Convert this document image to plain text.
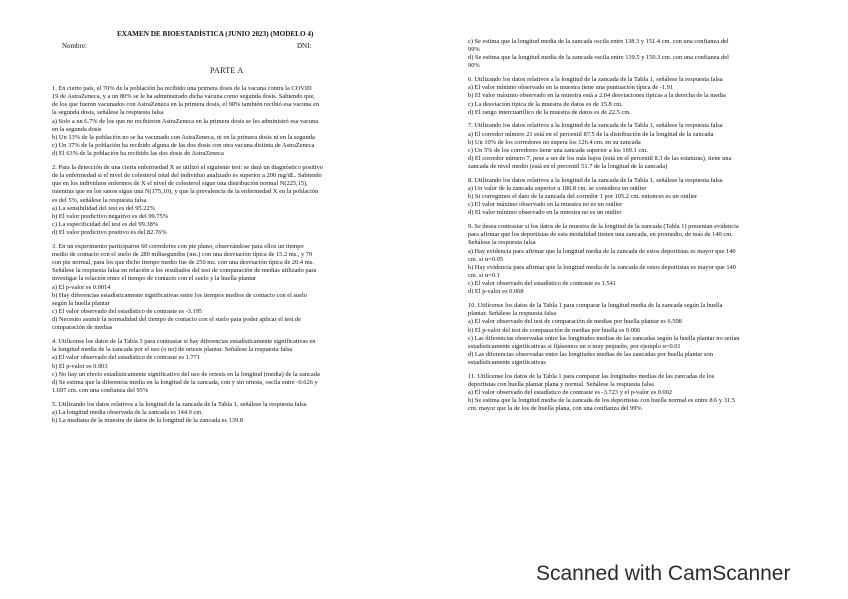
EXAMEN DE BIOESTADÍSTICA (JUNIO 2023) (MODELO 4)
Nombre:	DNI:
PARTE A
1. En cierto país, el 70% de la población ha recibido una primera dosis de la vacuna contra la COVID
19 de AstraZeneca, y a un 80% se le ha administrado dicha vacuna como segunda dosis. Sabiendo que,
de los que fueron vacunados con AstraZeneca en la primera dosis, el 90% también recibió esa vacuna en
la segunda dosis, señálese la respuesta falsa
a) Solo a un 6.7% de los que no recibieron AstraZeneca en la primera dosis se les administró esa vacuna
en la segunda dosis
b) Un 13% de la población no se ha vacunado con AstraZeneca, ni en la primera dosis ni en la segunda
c) Un 37% de la población ha recibido alguna de las dos dosis con otra vacuna distinta de AstraZeneca
d) El 63% de la población ha recibido las dos dosis de AstraZeneca
2. Para la detección de una cierta enfermedad X se utilizó el siguiente test: se dará un diagnóstico positivo
de la enfermedad si el nivel de colesterol total del individuo analizado es superior a 200 mg/dL. Sabiendo
que en los individuos enfermos de X el nivel de colesterol sigue una distribución normal N(225,15),
mientras que en los sanos sigue una N(175,10), y que la prevalencia de la enfermedad X en la población
es del 5%, señálese la respuesta falsa
a) La sensibilidad del test es del 95.22%
b) El valor predictivo negativo es del 99.75%
c) La especificidad del test es del 99.38%
d) El valor predictivo positivo es del 82.76%
3. En un experimento participaron 60 corredores con pie plano, observándose para ellos un tiempo
medio de contacto con el suelo de 280 milisegundos (ms.) con una desviación típica de 15.2 ms., y 70
con pie normal, para los que dicho tiempo medio fue de 250 ms. con una desviación típica de 20.4 ms.
Señálese la respuesta falsa en relación a los resultados del test de comparación de medias utilizado para
investigar la relación entre el tiempo de contacto con el suelo y la huella plantar
a) El p-valor es 0.0014
b) Hay diferencias estadísticamente significativas entre los tiempos medios de contacto con el suelo
según la huella plantar
c) El valor observado del estadístico de contraste es -3.195
d) Necesito asumir la normalidad del tiempo de contacto con el suelo para poder aplicar el test de
comparación de medias
4. Utilícense los datos de la Tabla 3 para contrastar si hay diferencias estadísticamente significativas en
la longitud media de la zancada por el uso (o no) de ortesis plantar. Señálese la respuesta falsa
a) El valor observado del estadístico de contraste es 1.771
b) El p-valor es 0.903
c) No hay un efecto estadísticamente significativo del uso de ortesis en la longitud (media) de la zancada
d) Se estima que la diferencia media en la longitud de la zancada, con y sin ortesis, oscila entre -0.626 y
1.697 cm. con una confianza del 95%
5. Utilizando los datos relativos a la longitud de la zancada de la Tabla 1, señálese la respuesta falsa
a) La longitud media observada de la zancada es 144.9 cm.
b) La mediana de la muestra de datos de la longitud de la zancada es 139.8
c) Se estima que la longitud media de la zancada oscila entre 138.3 y 151.4 cm. con una confianza del
99%
d) Se estima que la longitud media de la zancada oscila entre 139.5 y 150.3 cm. con una confianza del
90%
6. Utilizando los datos relativos a la longitud de la zancada de la Tabla 1, señálese la respuesta falsa
a) El valor mínimo observado en la muestra tiene una puntuación típica de -1.91
b) El valor máximo observado en la muestra está a 2.04 desviaciones típicas a la derecha de la media
c) La desviación típica de la muestra de datos es de 15.8 cm.
d) El rango intercuartílico de la muestra de datos es de 22.5 cm.
7. Utilizando los datos relativos a la longitud de la zancada de la Tabla 1, señálese la respuesta falsa
a) El corredor número 21 está en el percentil 87.5 de la distribución de la longitud de la zancada
b) Un 10% de los corredores no supera los 126.4 cm. en su zancada
c) Un 5% de los corredores tiene una zancada superior a los 169.1 cm.
d) El corredor número 7, pese a ser de los más bajos (está en el percentil 8.3 de las estaturas), tiene una
zancada de nivel medio (está en el percentil 51.7 de la longitud de la zancada)
8. Utilizando los datos relativos a la longitud de la zancada de la Tabla 1, señálese la respuesta falsa
a) Un valor de la zancada superior a 186.8 cm. se considera un outlier
b) Si corregimos el dato de la zancada del corredor 1 por 105.2 cm. entonces es un outlier
c) El valor máximo observado en la muestra no es un outlier
d) El valor mínimo observado en la muestra no es un outlier
9. Se desea contrastar si los datos de la muestra de la longitud de la zancada (Tabla 1) presentan evidencia
para afirmar que los deportistas de esta modalidad tienen una zancada, en promedio, de más de 140 cm.
Señálese la respuesta falsa
a) Hay evidencia para afirmar que la longitud media de la zancada de estos deportistas es mayor que 140
cm. si α=0.05
b) Hay evidencia para afirmar que la longitud media de la zancada de estos deportistas es mayor que 140
cm. si α=0.1
c) El valor observado del estadístico de contraste es 1.541
d) El p-valor es 0.068
10. Utilícense los datos de la Tabla 1 para comparar la longitud media de la zancada según la huella
plantar. Señálese la respuesta falsa
a) El valor observado del test de comparación de medias por huella plantar es 6.508
b) El p-valor del test de comparación de medias por huella es 0.006
c) Las diferencias observadas entre las longitudes medias de las zancadas según la huella plantar no serían
estadísticamente significativas si fijásemos un α muy pequeño, por ejemplo α=0.01
d) Las diferencias observadas entre las longitudes medias de las zancadas por huella plantar son
estadísticamente significativas
11. Utilícense los datos de la Tabla 1 para comparar las longitudes medias de las zancadas de los
deportistas con huella plantar plana y normal. Señálese la respuesta falsa
a) El valor observado del estadístico de contraste es -3.723 y el p-valor es 0.002
b) Se estima que la longitud media de la zancada de los deportistas con huella normal es entre 8.6 y 31.5
cm. mayor que la de los de huella plana, con una confianza del 99%
Scanned with CamScanner
